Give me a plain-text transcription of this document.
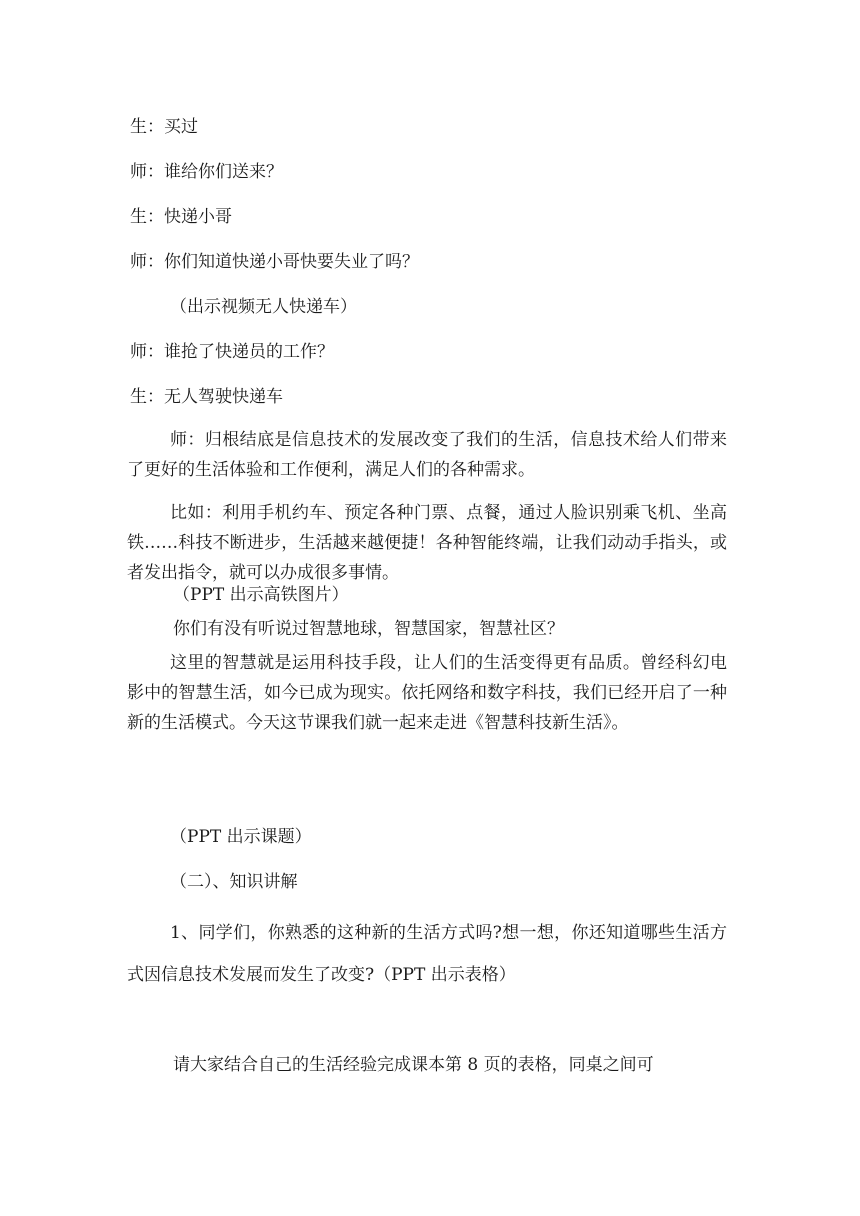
生：买过

师：谁给你们送来？

生：快递小哥

师：你们知道快递小哥快要失业了吗？

（出示视频无人快递车）

师：谁抢了快递员的工作？

生：无人驾驶快递车

师：归根结底是信息技术的发展改变了我们的生活，信息技术给人们带来了更好的生活体验和工作便利，满足人们的各种需求。

比如：利用手机约车、预定各种门票、点餐，通过人脸识别乘飞机、坐高铁……科技不断进步，生活越来越便捷！各种智能终端，让我们动动手指头，或者发出指令，就可以办成很多事情。

（PPT 出示高铁图片）

你们有没有听说过智慧地球，智慧国家，智慧社区？

这里的智慧就是运用科技手段，让人们的生活变得更有品质。曾经科幻电影中的智慧生活，如今已成为现实。依托网络和数字科技，我们已经开启了一种新的生活模式。今天这节课我们就一起来走进《智慧科技新生活》。

（PPT 出示课题）

（二）、知识讲解

1、同学们，你熟悉的这种新的生活方式吗?想一想，你还知道哪些生活方式因信息技术发展而发生了改变?（PPT 出示表格）

请大家结合自己的生活经验完成课本第 8 页的表格，同桌之间可
